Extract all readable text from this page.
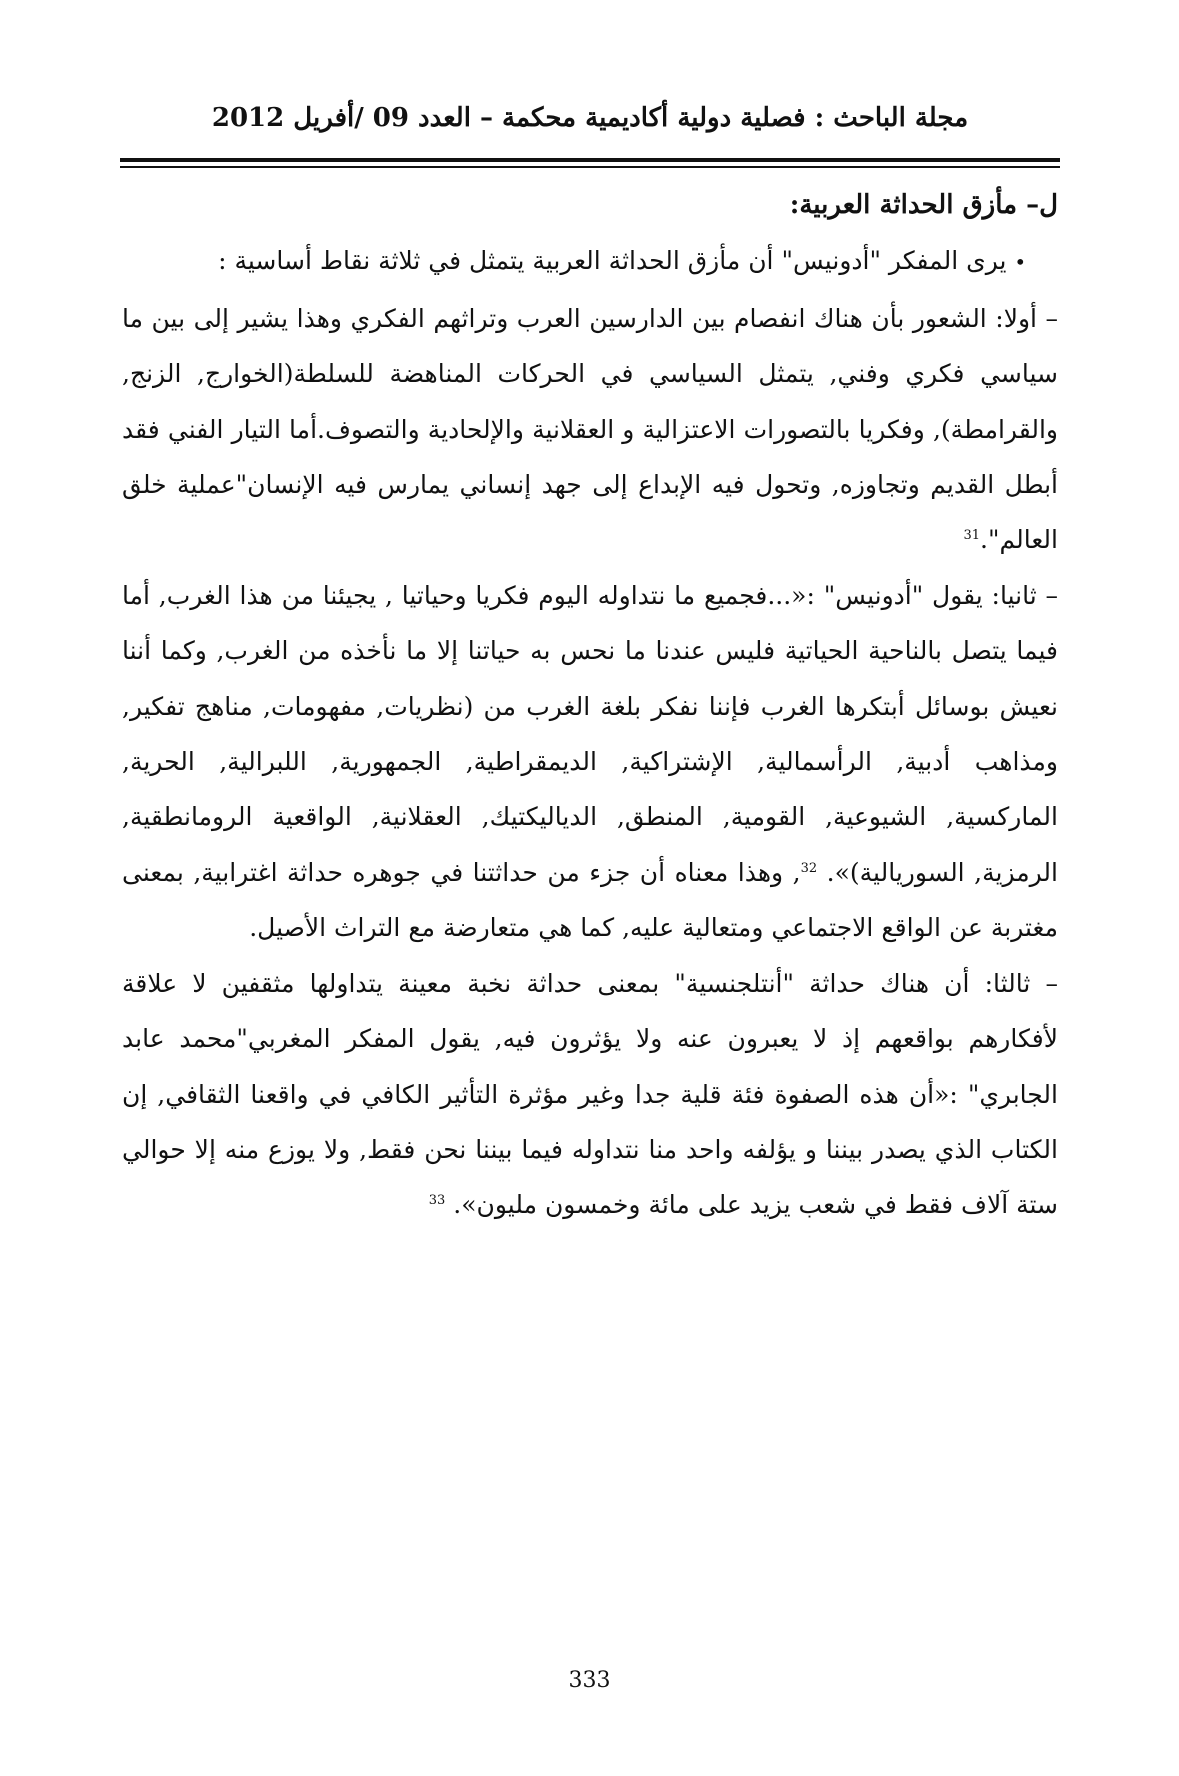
مجلة الباحث : فصلية دولية أكاديمية محكمة – العدد 09 /أفريل 2012

ل– مأزق الحداثة العربية:

• يرى المفكر "أدونيس" أن مأزق الحداثة العربية يتمثل في ثلاثة نقاط أساسية :

– أولا: الشعور بأن هناك انفصام بين الدارسين العرب وتراثهم الفكري وهذا يشير إلى بين ما سياسي فكري وفني, يتمثل السياسي في الحركات المناهضة للسلطة(الخوارج, الزنج, والقرامطة), وفكريا بالتصورات الاعتزالية و العقلانية والإلحادية والتصوف.أما التيار الفني فقد أبطل القديم وتجاوزه, وتحول فيه الإبداع إلى جهد إنساني يمارس فيه الإنسان"عملية خلق العالم".$^{31}$

– ثانيا: يقول "أدونيس" :«...فجميع ما نتداوله اليوم فكريا وحياتيا , يجيئنا من هذا الغرب, أما فيما يتصل بالناحية الحياتية فليس عندنا ما نحس به حياتنا إلا ما نأخذه من الغرب, وكما أننا نعيش بوسائل أبتكرها الغرب فإننا نفكر بلغة الغرب من (نظريات, مفهومات, مناهج تفكير, ومذاهب أدبية, الرأسمالية, الإشتراكية, الديمقراطية, الجمهورية, اللبرالية, الحرية, الماركسية, الشيوعية, القومية, المنطق, الدياليكتيك, العقلانية, الواقعية الرومانطقية, الرمزية, السوريالية)». $^{32}$, وهذا معناه أن جزء من حداثتنا في جوهره حداثة اغترابية, بمعنى مغتربة عن الواقع الاجتماعي ومتعالية عليه, كما هي متعارضة مع التراث الأصيل.

– ثالثا: أن هناك حداثة "أنتلجنسية" بمعنى حداثة نخبة معينة يتداولها مثقفين لا علاقة لأفكارهم بواقعهم إذ لا يعبرون عنه ولا يؤثرون فيه, يقول المفكر المغربي"محمد عابد الجابري" :«أن هذه الصفوة فئة قلية جدا وغير مؤثرة التأثير الكافي في واقعنا الثقافي, إن الكتاب الذي يصدر بيننا و يؤلفه واحد منا نتداوله فيما بيننا نحن فقط, ولا يوزع منه إلا حوالي ستة آلاف فقط في شعب يزيد على مائة وخمسون مليون». $^{33}$

333
